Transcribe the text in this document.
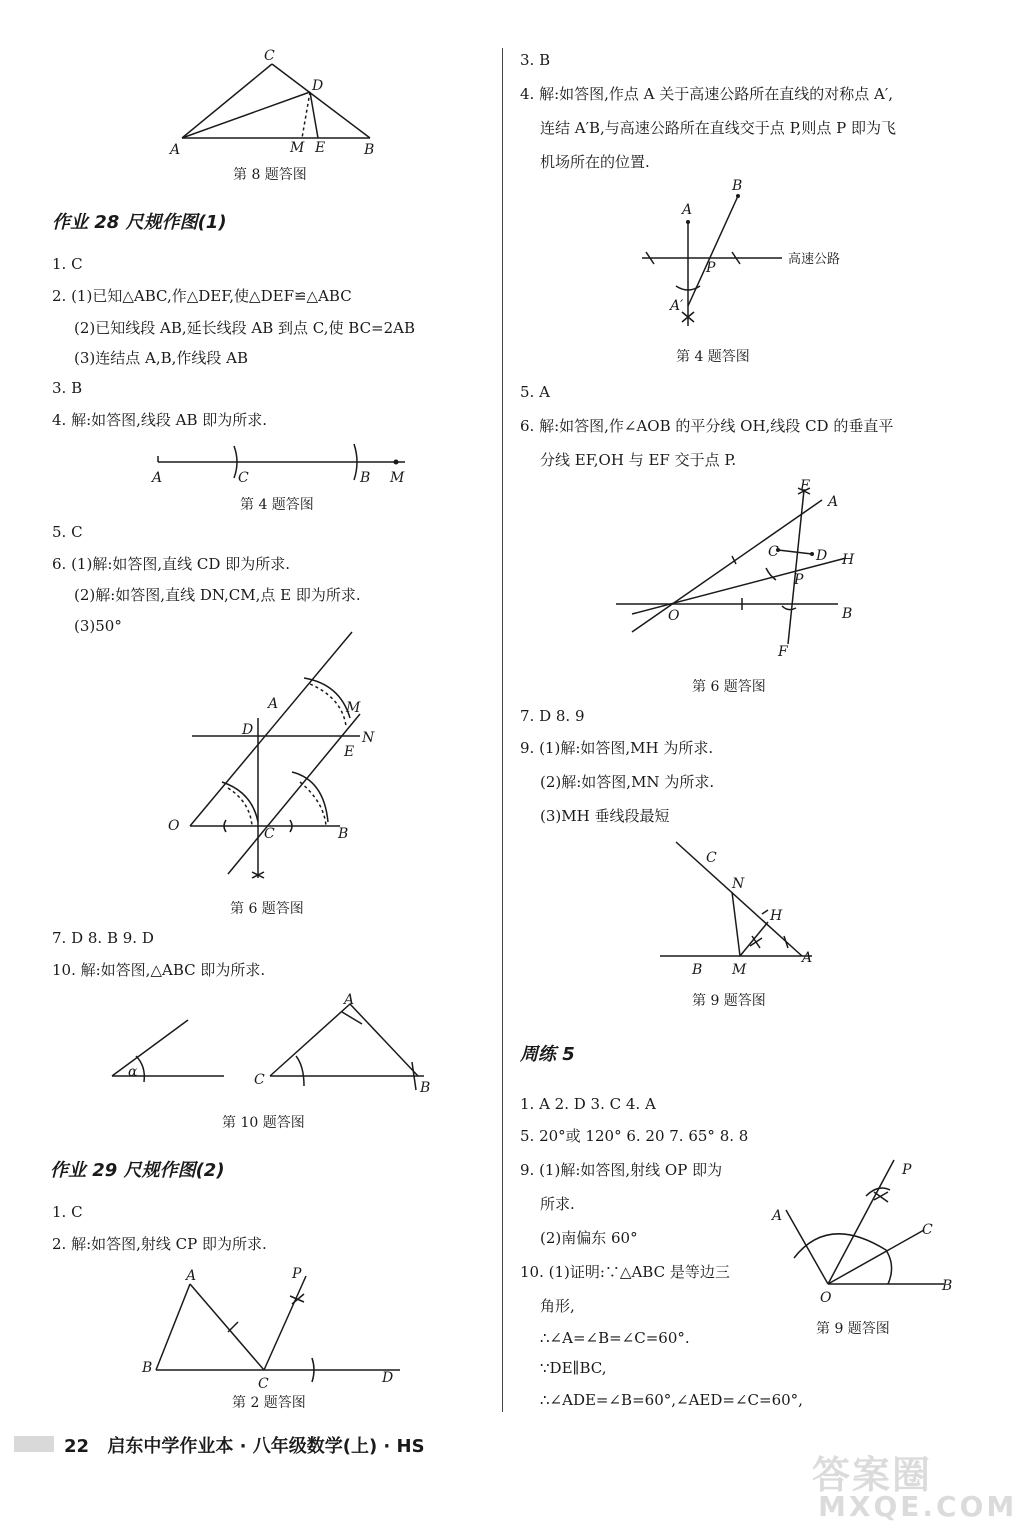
C
D
A	M E	B
第 8 题答图
作业 28 尺规作图(1)
1. C
2. (1)已知△ABC,作△DEF,使△DEF≌△ABC
(2)已知线段 AB,延长线段 AB 到点 C,使 BC=2AB
(3)连结点 A,B,作线段 AB
3. B
4. 解:如答图,线段 AB 即为所求.
A	C	B M
第 4 题答图
5. C
6. (1)解:如答图,直线 CD 即为所求.
(2)解:如答图,直线 DN,CM,点 E 即为所求.
(3)50°
A	M
D	N
E
O	C	B
第 6 题答图
7. D 8. B 9. D
10. 解:如答图,△ABC 即为所求.
α
A
C	B
第 10 题答图
作业 29 尺规作图(2)
1. C
2. 解:如答图,射线 CP 即为所求.
A	P
B
C	D
第 2 题答图
3. B
4. 解:如答图,作点 A 关于高速公路所在直线的对称点 A′,
连结 A′B,与高速公路所在直线交于点 P,则点 P 即为飞
机场所在的位置.
A
B
P
A′
高速公路
第 4 题答图
5. A
6. 解:如答图,作∠AOB 的平分线 OH,线段 CD 的垂直平
分线 EF,OH 与 EF 交于点 P.
E
A
C	D H
P
O	B
F
第 6 题答图
7. D 8. 9
9. (1)解:如答图,MH 为所求.
(2)解:如答图,MN 为所求.
(3)MH 垂线段最短
C
N
H
B M
A
第 9 题答图
周练 5
1. A 2. D 3. C 4. A
5. 20°或 120° 6. 20 7. 65° 8. 8
9. (1)解:如答图,射线 OP 即为
所求.
(2)南偏东 60°
10. (1)证明:∵△ABC 是等边三
角形,
∴∠A=∠B=∠C=60°.
∵DE∥BC,
∴∠ADE=∠B=60°,∠AED=∠C=60°,
P
A
C
O
B
第 9 题答图
22 启东中学作业本 · 八年级数学(上) · HS
答案圈
MXQE.COM
